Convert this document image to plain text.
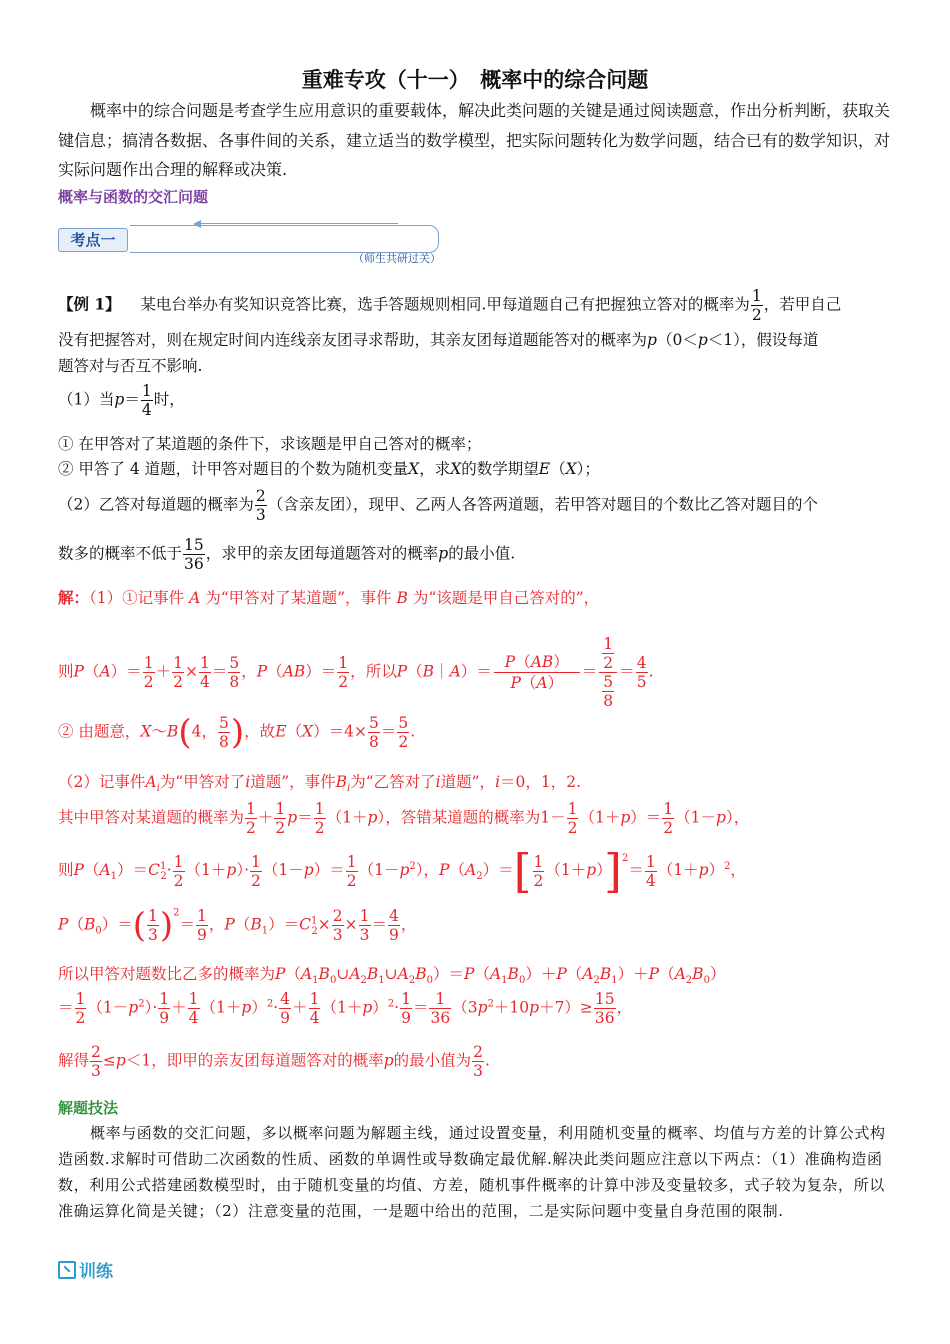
重难专攻（十一）　概率中的综合问题
概率中的综合问题是考查学生应用意识的重要载体，解决此类问题的关键是通过阅读题意，作出分析判断，获取关键信息；搞清各数据、各事件间的关系，建立适当的数学模型，把实际问题转化为数学问题，结合已有的数学知识，对实际问题作出合理的解释或决策.
概率与函数的交汇问题
考点一
（师生共研过关）
【例 1】 某电台举办有奖知识竞答比赛，选手答题规则相同.甲每道题自己有把握独立答对的概率为 $\frac{1}{2}$ ，若甲自己
没有把握答对，则在规定时间内连线亲友团寻求帮助，其亲友团每道题能答对的概率为p（0＜p＜1），假设每道
题答对与否互不影响.
（1）当$p= \frac{1}{4}$ 时，
① 在甲答对了某道题的条件下，求该题是甲自己答对的概率；
② 甲答了 4 道题，计甲答对题目的个数为随机变量X，求X的数学期望E（X）；
（2）乙答对每道题的概率为 $\frac{2}{3}$ （含亲友团），现甲、乙两人各答两道题，若甲答对题目的个数比乙答对题目的个
数多的概率不低于 $\frac{15}{36}$ ，求甲的亲友团每道题答对的概率p的最小值.
解：（1）①记事件 A 为“甲答对了某道题”，事件 B 为“该题是甲自己答对的”，
则$P(A)= \frac{1}{2} + \frac{1}{2} \times \frac{1}{4} = \frac{5}{8}$ ，$P(AB)= \frac{1}{2}$ ，所以P（B｜A）＝ $\frac{P(AB)}{P(A)} = \frac{\frac{1}{2}}{\frac{5}{8}} = \frac{4}{5}$ .
② 由题意，X～B(4， $\frac{5}{8}$ )，故$E(X)=4\times \frac{5}{8} = \frac{5}{2}$ .
（2）记事件$A_i$为“甲答对了i道题”，事件$B_i$为“乙答对了i道题”，i＝0，1，2.
其中甲答对某道题的概率为 $\frac{1}{2} + \frac{1}{2} p= \frac{1}{2} (1+p)$，答错某道题的概率为$1- \frac{1}{2} (1+p)= \frac{1}{2} (1-p)$，
则$P(A_1)=C^1_2\cdot \frac{1}{2} (1+p)\cdot \frac{1}{2} (1-p)= \frac{1}{2} (1-p^2)$，$P(A_2)=[ \frac{1}{2} (1+p)]^2= \frac{1}{4} (1+p)^2$，
$P(B_0)=( \frac{1}{3} )^2= \frac{1}{9}$ ，$P(B_1)=C^1_2\times \frac{2}{3} \times \frac{1}{3} = \frac{4}{9}$ ，
所以甲答对题数比乙多的概率为$P(A_1B_0\cup A_2B_1\cup A_2B_0)=P(A_1B_0)+P(A_2B_1)+P(A_2B_0)$
＝ $\frac{1}{2} (1-p^2)\cdot \frac{1}{9} + \frac{1}{4} (1+p)^2\cdot \frac{4}{9} + \frac{1}{4} (1+p)^2\cdot \frac{1}{9} = \frac{1}{36} (3p^2+10p+7)\ge \frac{15}{36}$ ，
解得 $\frac{2}{3} \le p<1$，即甲的亲友团每道题答对的概率p的最小值为 $\frac{2}{3}$ .
解题技法
概率与函数的交汇问题，多以概率问题为解题主线，通过设置变量，利用随机变量的概率、均值与方差的计算公式构造函数.求解时可借助二次函数的性质、函数的单调性或导数确定最优解.解决此类问题应注意以下两点：（1）准确构造函数，利用公式搭建函数模型时，由于随机变量的均值、方差，随机事件概率的计算中涉及变量较多，式子较为复杂，所以准确运算化简是关键；（2）注意变量的范围，一是题中给出的范围，二是实际问题中变量自身范围的限制.
训练
